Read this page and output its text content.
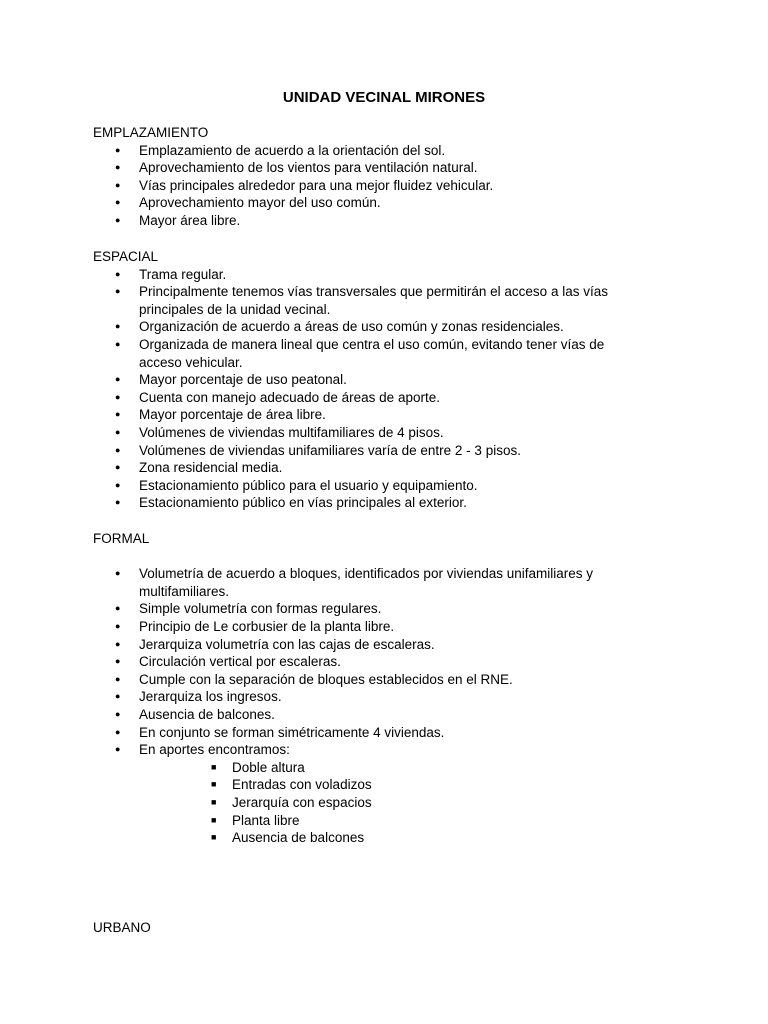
UNIDAD VECINAL MIRONES
EMPLAZAMIENTO
● Emplazamiento de acuerdo a la orientación del sol.
● Aprovechamiento de los vientos para ventilación natural.
● Vías principales alrededor para una mejor fluidez vehicular.
● Aprovechamiento mayor del uso común.
● Mayor área libre.
ESPACIAL
● Trama regular.
● Principalmente tenemos vías transversales que permitirán el acceso a las vías principales de la unidad vecinal.
● Organización de acuerdo a áreas de uso común y zonas residenciales.
● Organizada de manera lineal que centra el uso común, evitando tener vías de acceso vehicular.
● Mayor porcentaje de uso peatonal.
● Cuenta con manejo adecuado de áreas de aporte.
● Mayor porcentaje de área libre.
● Volúmenes de viviendas multifamiliares de 4 pisos.
● Volúmenes de viviendas unifamiliares varía de entre 2 - 3 pisos.
● Zona residencial media.
● Estacionamiento público para el usuario y equipamiento.
● Estacionamiento público en vías principales al exterior.
FORMAL
● Volumetría de acuerdo a bloques, identificados por viviendas unifamiliares y multifamiliares.
● Simple volumetría con formas regulares.
● Principio de Le corbusier de la planta libre.
● Jerarquiza volumetría con las cajas de escaleras.
● Circulación vertical por escaleras.
● Cumple con la separación de bloques establecidos en el RNE.
● Jerarquiza los ingresos.
● Ausencia de balcones.
● En conjunto se forman simétricamente 4 viviendas.
● En aportes encontramos:
■ Doble altura
■ Entradas con voladizos
■ Jerarquía con espacios
■ Planta libre
■ Ausencia de balcones
URBANO
